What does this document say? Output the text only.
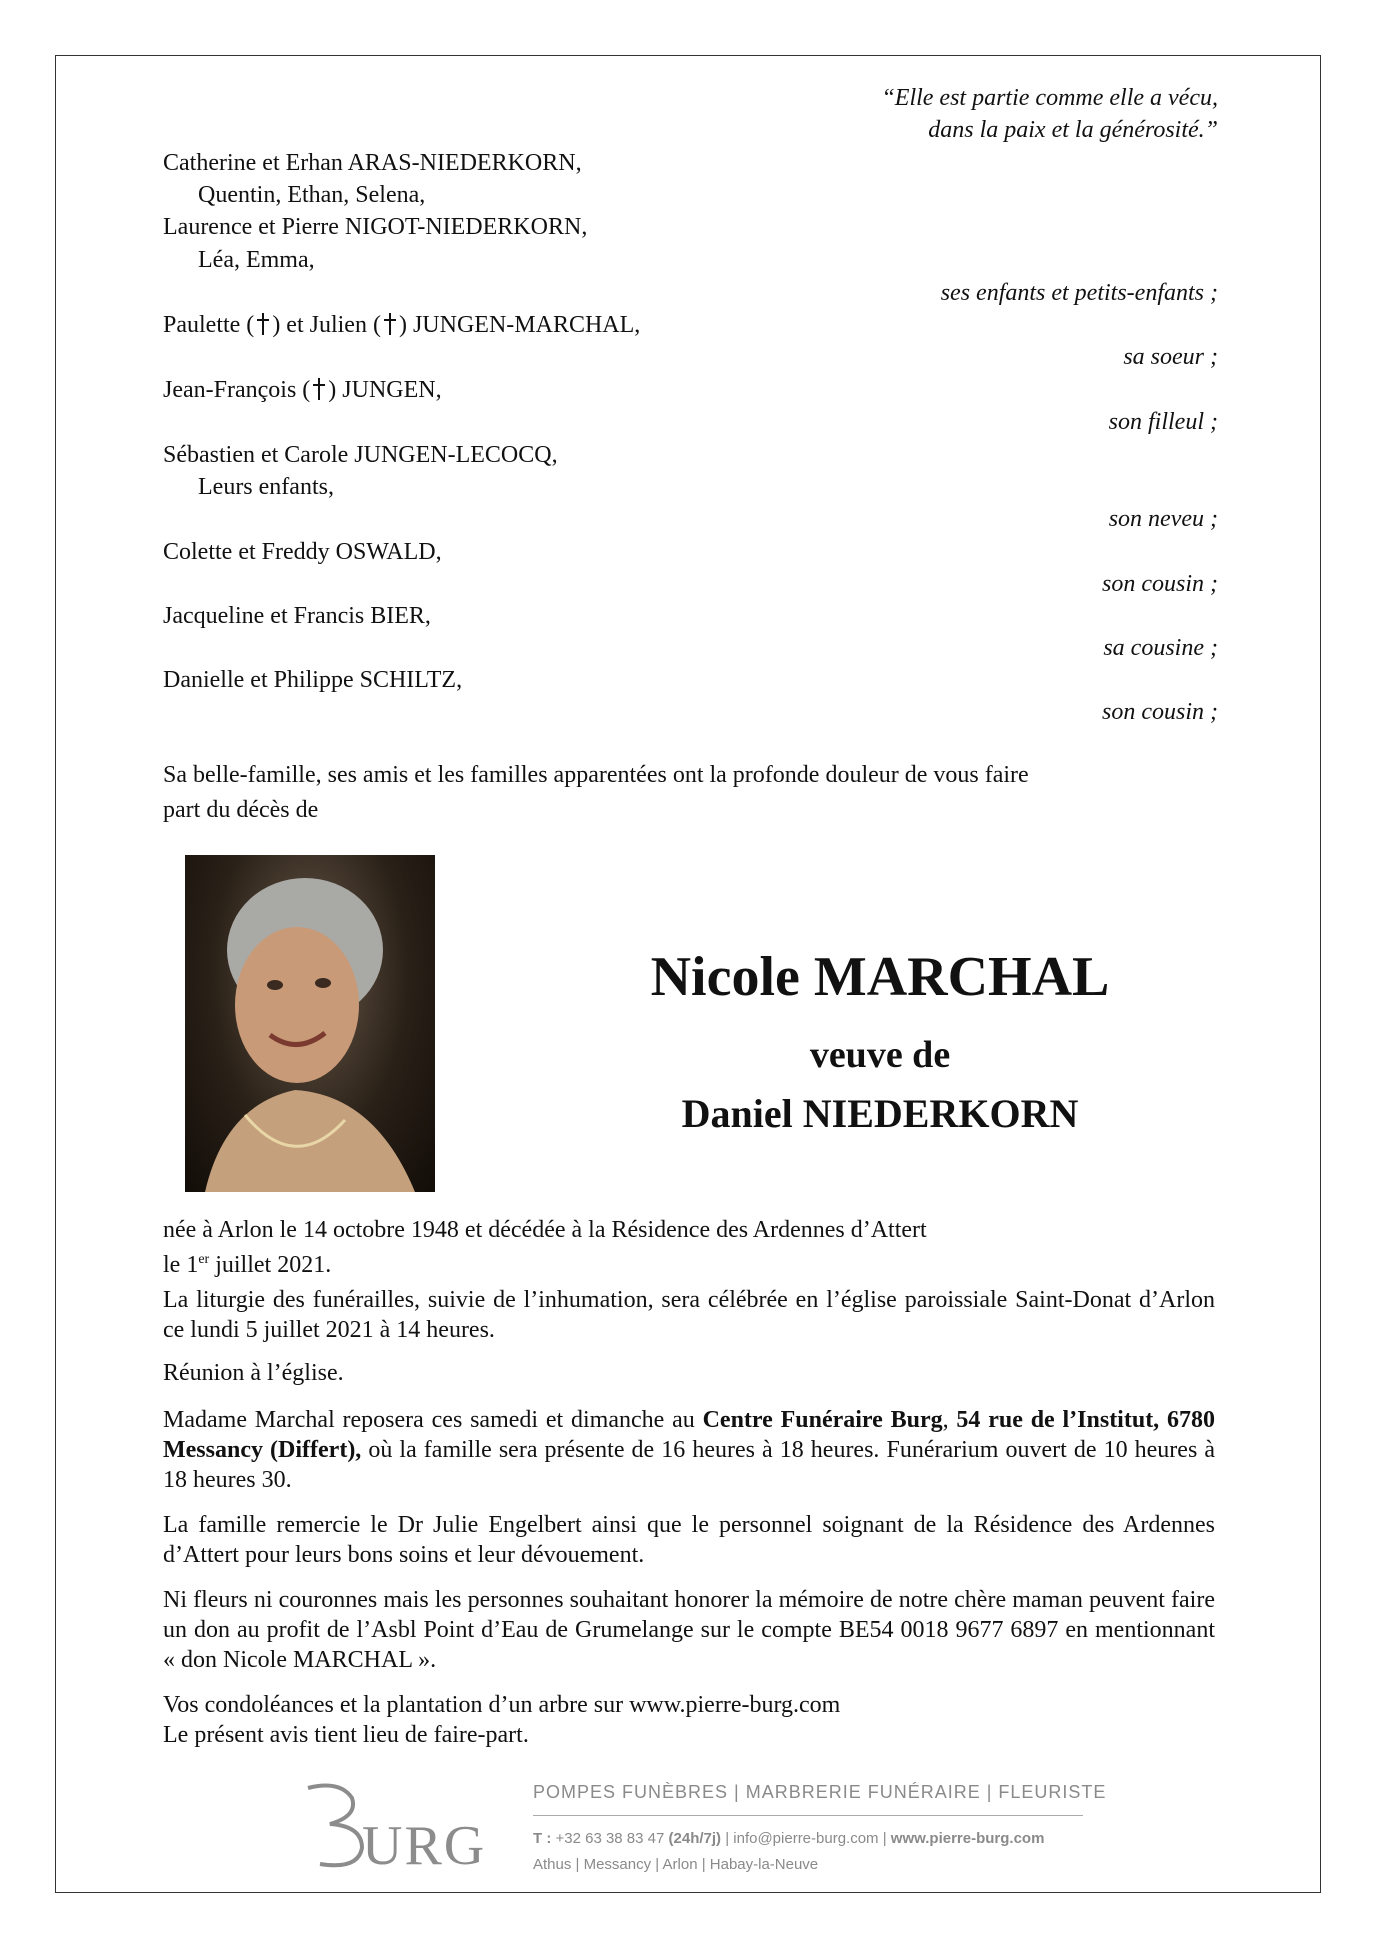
“Elle est partie comme elle a vécu,
dans la paix et la générosité.”
Catherine et Erhan ARAS-NIEDERKORN,
Quentin, Ethan, Selena,
Laurence et Pierre NIGOT-NIEDERKORN,
Léa, Emma,
ses enfants et petits-enfants ;
Paulette ( ) et Julien ( ) JUNGEN-MARCHAL,
sa soeur ;
Jean-François ( ) JUNGEN,
son filleul ;
Sébastien et Carole JUNGEN-LECOCQ,
Leurs enfants,
son neveu ;
Colette et Freddy OSWALD,
son cousin ;
Jacqueline et Francis BIER,
sa cousine ;
Danielle et Philippe SCHILTZ,
son cousin ;
Sa belle-famille, ses amis et les familles apparentées ont la profonde douleur de vous faire
part du décès de
Nicole MARCHAL
veuve de
Daniel NIEDERKORN
née à Arlon le 14 octobre 1948 et décédée à la Résidence des Ardennes d’Attert
le 1er juillet 2021.
La liturgie des funérailles, suivie de l’inhumation, sera célébrée en l’église paroissiale Saint-Donat d’Arlon ce lundi 5 juillet 2021 à 14 heures.
Réunion à l’église.
Madame Marchal reposera ces samedi et dimanche au Centre Funéraire Burg, 54 rue de l’Institut, 6780 Messancy (Differt), où la famille sera présente de 16 heures à 18 heures. Funérarium ouvert de 10 heures à 18 heures 30.
La famille remercie le Dr Julie Engelbert ainsi que le personnel soignant de la Résidence des Ardennes d’Attert pour leurs bons soins et leur dévouement.
Ni fleurs ni couronnes mais les personnes souhaitant honorer la mémoire de notre chère maman peuvent faire un don au profit de l’Asbl Point d’Eau de Grumelange sur le compte BE54 0018 9677 6897 en mentionnant « don Nicole MARCHAL ».
Vos condoléances et la plantation d’un arbre sur www.pierre-burg.com
Le présent avis tient lieu de faire-part.
URG
POMPES FUNÈBRES | MARBRERIE FUNÉRAIRE | FLEURISTE
T : +32 63 38 83 47 (24h/7j) | info@pierre-burg.com | www.pierre-burg.com
Athus | Messancy | Arlon | Habay-la-Neuve
